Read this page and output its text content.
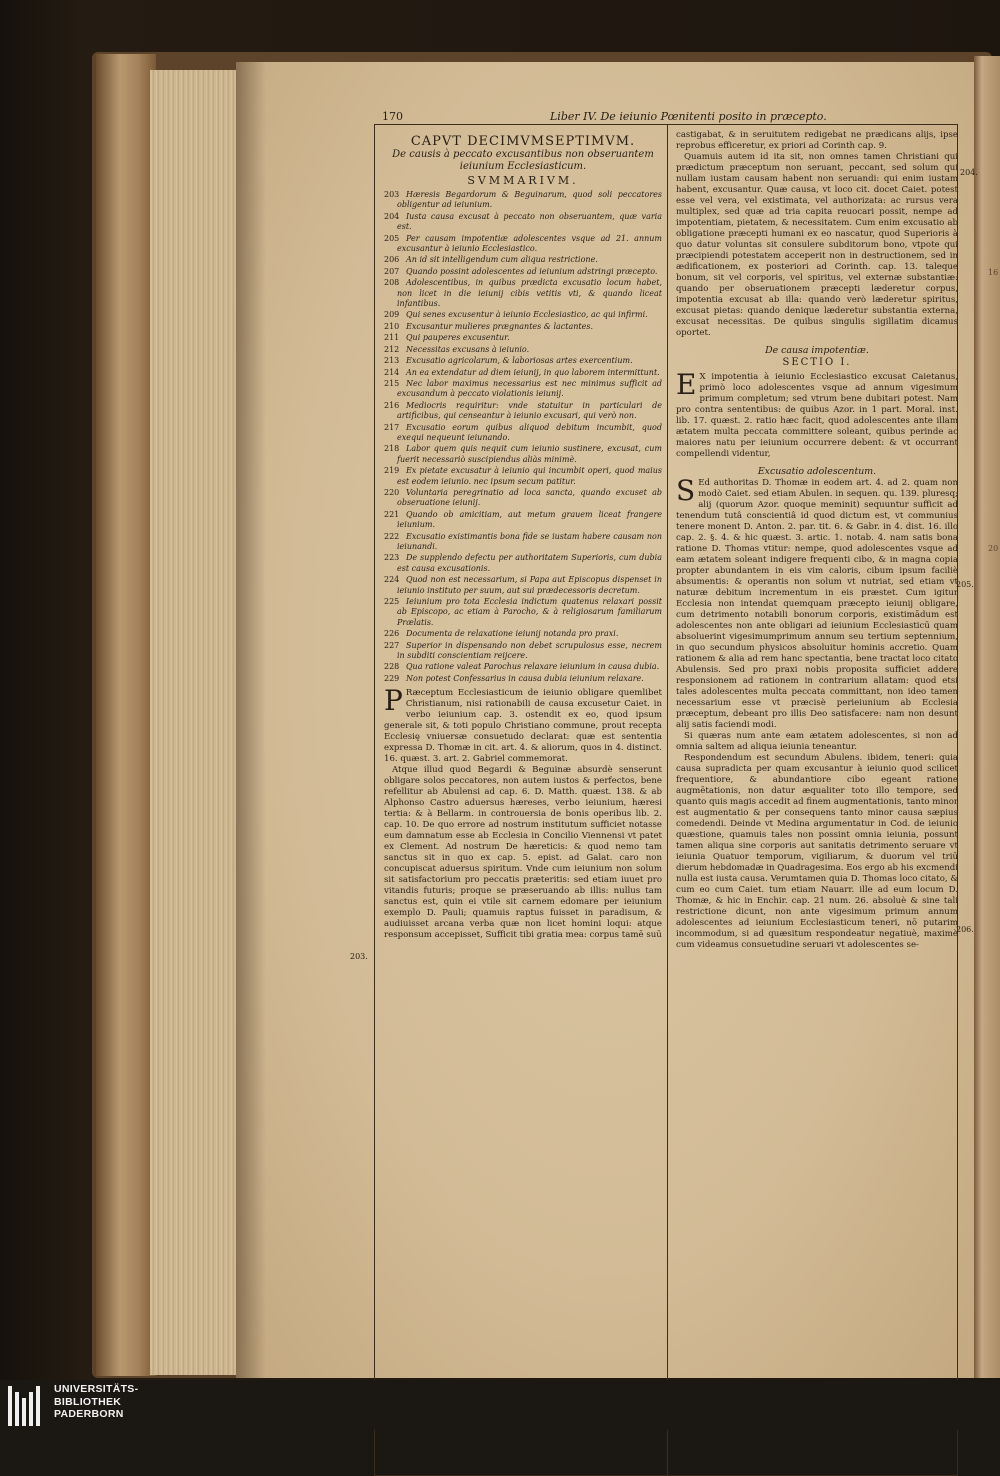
16
20
170	Liber IV. De ieiunio Pœnitenti posito in præcepto.
CAPVT DECIMVMSEPTIMVM.
De causis à peccato excusantibus non obseruantem ieiunium Ecclesiasticum.
SVMMARIVM.
203 Hæresis Begardorum & Beguinarum, quod soli peccatores obligentur ad ieiunium.
204 Iusta causa excusat à peccato non obseruantem, quæ varia est.
205 Per causam impotentiæ adolescentes vsque ad 21. annum excusantur à ieiunio Ecclesiastico.
206 An id sit intelligendum cum aliqua restrictione.
207 Quando possint adolescentes ad ieiunium adstringi præcepto.
208 Adolescentibus, in quibus prædicta excusatio locum habet, non licet in die ieiunij cibis vetitis vti, & quando liceat infantibus.
209 Qui senes excusentur à ieiunio Ecclesiastico, ac qui infirmi.
210 Excusantur mulieres prægnantes & lactantes.
211 Qui pauperes excusentur.
212 Necessitas excusans à ieiunio.
213 Excusatio agricolarum, & laboriosas artes exercentium.
214 An ea extendatur ad diem ieiunij, in quo laborem intermittunt.
215 Nec labor maximus necessarius est nec minimus sufficit ad excusandum à peccato violationis ieiunij.
216 Mediocris requiritur: vnde statuitur in particulari de artificibus, qui censeantur à ieiunio excusari, qui verò non.
217 Excusatio eorum quibus aliquod debitum incumbit, quod exequi nequeunt ieiunando.
218 Labor quem quis nequit cum ieiunio sustinere, excusat, cum fuerit necessariò suscipiendus aliàs minimè.
219 Ex pietate excusatur à ieiunio qui incumbit operi, quod maius est eodem ieiunio. nec ipsum secum patitur.
220 Voluntaria peregrinatio ad loca sancta, quando excuset ab obseruatione ieiunij.
221 Quando ob amicitiam, aut metum grauem liceat frangere ieiunium.
222 Excusatio existimantis bona fide se iustam habere causam non ieiunandi.
223 De supplendo defectu per authoritatem Superioris, cum dubia est causa excusationis.
224 Quod non est necessarium, si Papa aut Episcopus dispenset in ieiunio instituto per suum, aut sui prædecessoris decretum.
225 Ieiunium pro tota Ecclesia indictum quatenus relaxari possit ab Episcopo, ac etiam à Parocho, & à religiosarum familiarum Prælatis.
226 Documenta de relaxatione ieiunij notanda pro praxi.
227 Superior in dispensando non debet scrupulosus esse, necrem in subditi conscientiam reijcere.
228 Qua ratione valeat Parochus relaxare ieiunium in causa dubia.
229 Non potest Confessarius in causa dubia ieiunium relaxare.

P Ræceptum Ecclesiasticum de ieiunio obligare quemlibet Christianum, nisi rationabili de causa excusetur Caiet. in verbo ieiunium cap. 3. ostendit ex eo, quod ipsum generale sit, & toti populo Christiano commune, prout recepta Ecclesię vniuersæ consuetudo declarat: quæ est sententia expressa D. Thomæ in cit. art. 4. & aliorum, quos in 4. distinct. 16. quæst. 3. art. 2. Gabriel commemorat.

Atque illud quod Begardi & Beguinæ absurdè senserunt obligare solos peccatores, non autem iustos & perfectos, bene refellitur ab Abulensi ad cap. 6. D. Matth. quæst. 138. & ab Alphonso Castro aduersus hæreses, verbo ieiunium, hæresi tertia: & à Bellarm. in controuersia de bonis operibus lib. 2. cap. 10. De quo errore ad nostrum institutum sufficiet notasse eum damnatum esse ab Ecclesia in Concilio Viennensi vt patet ex Clement. Ad nostrum De hæreticis: & quod nemo tam sanctus sit in quo ex cap. 5. epist. ad Galat. caro non concupiscat aduersus spiritum. Vnde cum ieiunium non solum sit satisfactorium pro peccatis præteritis: sed etiam iuuet pro vitandis futuris; proque se præseruando ab illis: nullus tam sanctus est, quin ei vtile sit carnem edomare per ieiunium exemplo D. Pauli; quamuis raptus fuisset in paradisum, & audiuisset arcana verba quæ non licet homini loqui: atque responsum accepisset, Sufficit tibi gratia mea: corpus tamē suū

203.

castigabat, & in seruitutem redigebat ne prædicans alijs, ipse reprobus efficeretur, ex priori ad Corinth cap. 9.

Quamuis autem id ita sit, non omnes tamen Christiani qui prædictum præceptum non seruant, peccant, sed solum qui nullam iustam causam habent non seruandi: qui enim iustam habent, excusantur. Quæ causa, vt loco cit. docet Caiet. potest esse vel vera, vel existimata, vel authorizata: ac rursus vera multiplex, sed quæ ad tria capita reuocari possit, nempe ad impotentiam, pietatem, & necessitatem. Cum enim excusatio ab obligatione præcepti humani ex eo nascatur, quod Superioris à quo datur voluntas sit consulere subditorum bono, vtpote qui præcipiendi potestatem acceperit non in destructionem, sed in ædificationem, ex posteriori ad Corinth. cap. 13. taleque bonum, sit vel corporis, vel spiritus, vel externæ substantiæ: quando per obseruationem præcepti læderetur corpus, impotentia excusat ab illa: quando verò læderetur spiritus, excusat pietas: quando denique læderetur substantia externa, excusat necessitas. De quibus singulis sigillatim dicamus oportet.

De causa impotentiæ.
SECTIO I.

E X impotentia à ieiunio Ecclesiastico excusat Caietanus, primò loco adolescentes vsque ad annum vigesimum primum completum; sed vtrum bene dubitari potest. Nam pro contra sententibus: de quibus Azor. in 1 part. Moral. inst. lib. 17. quæst. 2. ratio hæc facit, quod adolescentes ante illam ætatem multa peccata committere soleant, quibus perinde ac maiores natu per ieiunium occurrere debent: & vt occurrant compellendi videntur,

Excusatio adolescentum.

S Ed authoritas D. Thomæ in eodem art. 4. ad 2. quam non modò Caiet. sed etiam Abulen. in sequen. qu. 139. pluresq; alij (quorum Azor. quoque meminit) sequuntur sufficit ad tenendum tutâ conscientiâ id quod dictum est, vt communius tenere monent D. Anton. 2. par. tit. 6. & Gabr. in 4. dist. 16. illo cap. 2. §. 4. & hic quæst. 3. artic. 1. notab. 4. nam satis bona ratione D. Thomas vtitur: nempe, quod adolescentes vsque ad eam ætatem soleant indigere frequenti cibo, & in magna copia propter abundantem in eis vim caloris, cibum ipsum faciliè absumentis: & operantis non solum vt nutriat, sed etiam vt naturæ debitum incrementum in eis præstet. Cum igitur Ecclesia non intendat quemquam præcepto ieiunij obligare, cum detrimento notabili bonorum corporis, existimādum est adolescentes non ante obligari ad ieiunium Ecclesiasticū quam absoluerint vigesimumprimum annum seu tertium septennium, in quo secundum physicos absoluitur hominis accretio. Quam rationem & alia ad rem hanc spectantia, bene tractat loco citato Abulensis. Sed pro praxi nobis proposita sufficiet addere responsionem ad rationem in contrarium allatam: quod etsi tales adolescentes multa peccata committant, non ideo tamen necessarium esse vt præcisè perieiunium ab Ecclesia præceptum, debeant pro illis Deo satisfacere: nam non desunt alij satis faciendi modi.

Si quæras num ante eam ætatem adolescentes, si non ad omnia saltem ad aliqua ieiunia teneantur.

Respondendum est secundum Abulens. ibidem, teneri: quia causa supradicta per quam excusantur à ieiunio quod scilicet frequentiore, & abundantiore cibo egeant ratione augmētationis, non datur æqualiter toto illo tempore, sed quanto quis magis accedit ad finem augmentationis, tanto minor est augmentatio & per consequens tanto minor causa sæpius comedendi. Deinde vt Medina argumentatur in Cod. de ieiunio quæstione, quamuis tales non possint omnia ieiunia, possunt tamen aliqua sine corporis aut sanitatis detrimento seruare vt ieiunia Quatuor temporum, vigiliarum, & duorum vel triū dierum hebdomadæ in Quadragesima. Eos ergo ab his excmendi nulla est iusta causa. Verumtamen quia D. Thomas loco citato, & cum eo cum Caiet. tum etiam Nauarr. ille ad eum locum D. Thomæ, & hic in Enchir. cap. 21 num. 26. absoluè & sine tali restrictione dicunt, non ante vigesimum primum annum adolescentes ad ieiunium Ecclesiasticum teneri, nō putarim incommodum, si ad quæsitum respondeatur negatiuè, maximè cum videamus consuetudine seruari vt adolescentes se-

204.
205.
206.
UNIVERSITÄTS-
BIBLIOTHEK
PADERBORN
